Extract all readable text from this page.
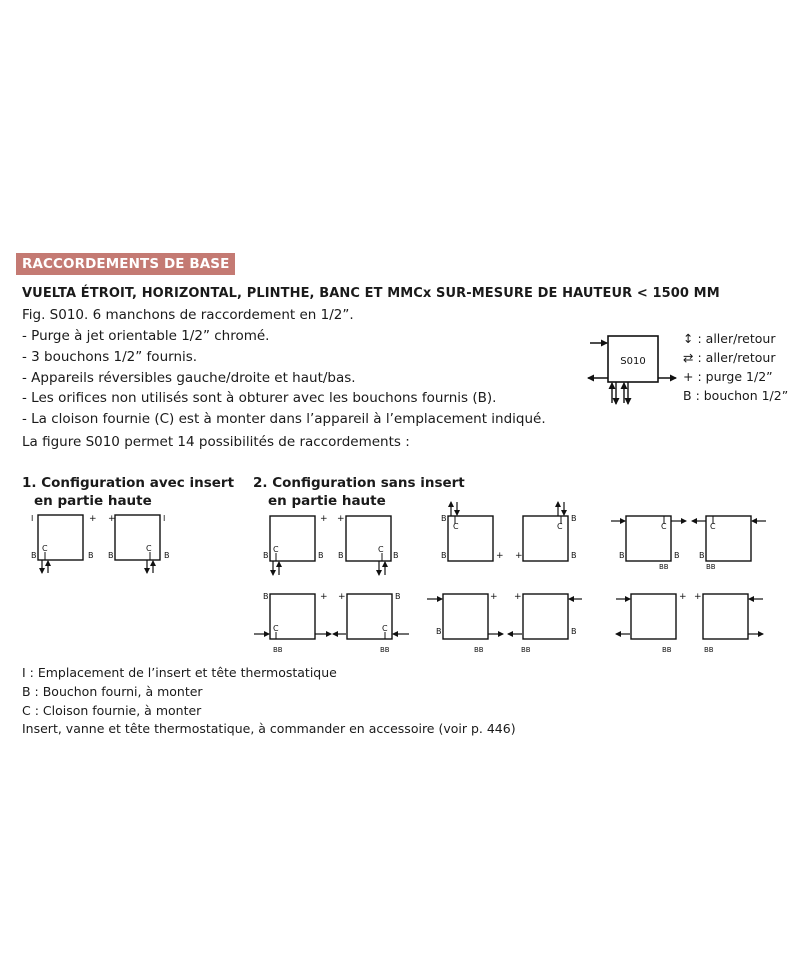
RACCORDEMENTS DE BASE
VUELTA ÉTROIT, HORIZONTAL, PLINTHE, BANC ET MMCx SUR-MESURE DE HAUTEUR < 1500 MM
Fig. S010. 6 manchons de raccordement en 1/2”.
- Purge à jet orientable 1/2” chromé.
- 3 bouchons 1/2” fournis.
- Appareils réversibles gauche/droite et haut/bas.
- Les orifices non utilisés sont à obturer avec les bouchons fournis (B).
- La cloison fournie (C) est à monter dans l’appareil à l’emplacement indiqué.
La figure S010 permet 14 possibilités de raccordements :
S010
↕ : aller/retour
⇄ : aller/retour
+ : purge 1/2”
B : bouchon 1/2”
1. Configuration avec insert
en partie haute
2. Configuration sans insert
en partie haute
I	+
B	B
C
+	I
B	B
C
+
B	B
C
+
B	B
C
B
B	+
C
B
+	B
C
B	B
BB
C
B
BB
C
B	+
BB
C
+	B
BB
C	B
+
BB
+
B
BB
+
BB
+
BB
I : Emplacement de l’insert et tête thermostatique
B : Bouchon fourni, à monter
C : Cloison fournie, à monter
Insert, vanne et tête thermostatique, à commander en accessoire (voir p. 446)
